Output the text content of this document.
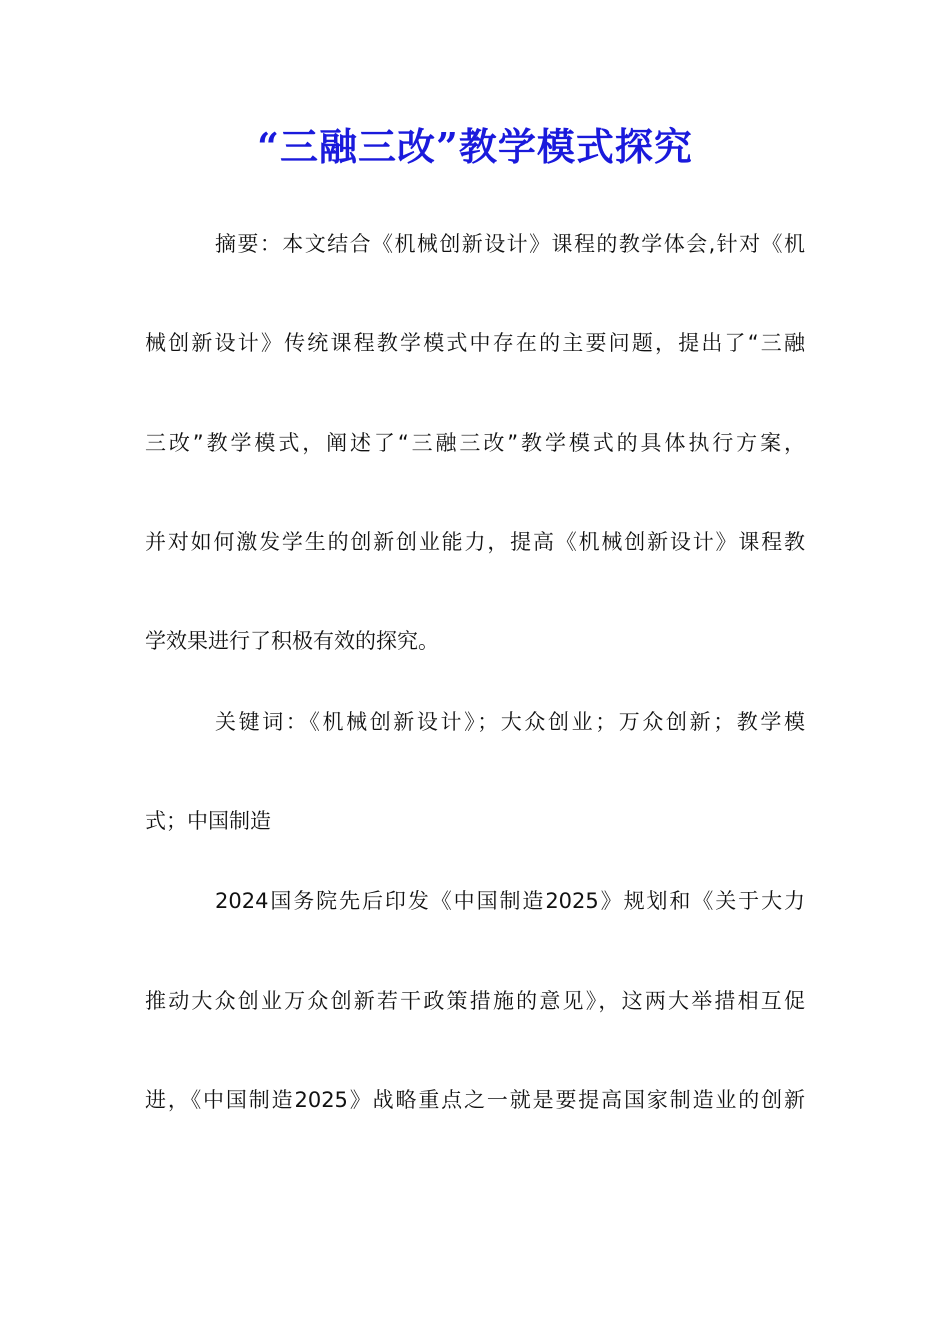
“三融三改”教学模式探究
摘要：本文结合《机械创新设计》课程的教学体会,针对《机
械创新设计》传统课程教学模式中存在的主要问题，提出了“三融
三改”教学模式，阐述了“三融三改”教学模式的具体执行方案，
并对如何激发学生的创新创业能力，提高《机械创新设计》课程教
学效果进行了积极有效的探究。
关键词：《机械创新设计》；大众创业；万众创新；教学模
式；中国制造
2024国务院先后印发《中国制造2025》规划和《关于大力
推动大众创业万众创新若干政策措施的意见》，这两大举措相互促
进，《中国制造2025》战略重点之一就是要提高国家制造业的创新
